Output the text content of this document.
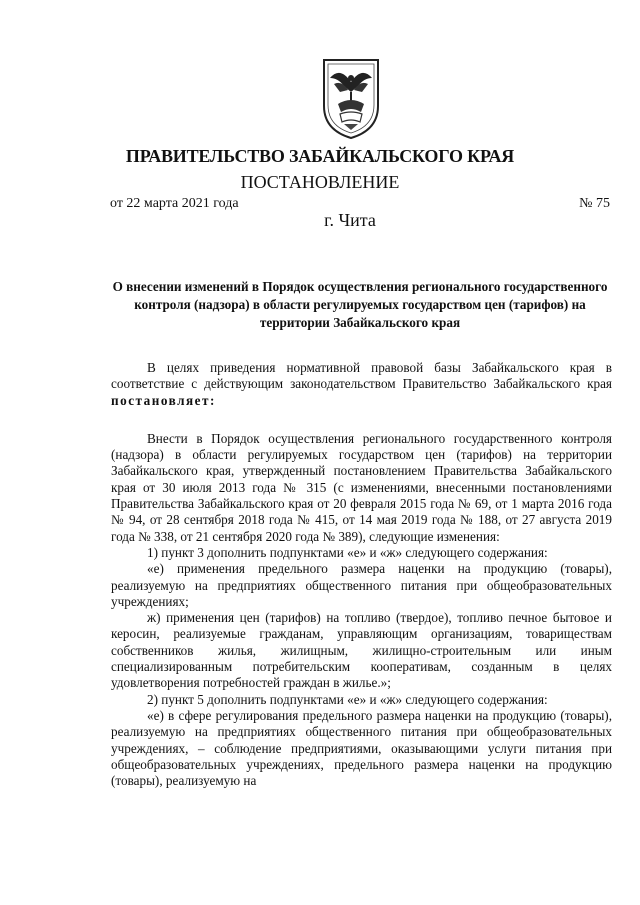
ПРАВИТЕЛЬСТВО ЗАБАЙКАЛЬСКОГО КРАЯ
ПОСТАНОВЛЕНИЕ
от 22 марта 2021 года	№ 75
г. Чита
О внесении изменений в Порядок осуществления регионального государственного контроля (надзора) в области регулируемых государством цен (тарифов) на территории Забайкальского края

В целях приведения нормативной правовой базы Забайкальского края в соответствие с действующим законодательством Правительство Забайкальского края постановляет:

Внести в Порядок осуществления регионального государственного контроля (надзора) в области регулируемых государством цен (тарифов) на территории Забайкальского края, утвержденный постановлением Правительства Забайкальского края от 30 июля 2013 года № 315 (с изменениями, внесенными постановлениями Правительства Забайкальского края от 20 февраля 2015 года № 69, от 1 марта 2016 года № 94, от 28 сентября 2018 года № 415, от 14 мая 2019 года № 188, от 27 августа 2019 года № 338, от 21 сентября 2020 года № 389), следующие изменения:

1) пункт 3 дополнить подпунктами «е» и «ж» следующего содержания:

«е) применения предельного размера наценки на продукцию (товары), реализуемую на предприятиях общественного питания при общеобразовательных учреждениях;

ж) применения цен (тарифов) на топливо (твердое), топливо печное бытовое и керосин, реализуемые гражданам, управляющим организациям, товариществам собственников жилья, жилищным, жилищно-строительным или иным специализированным потребительским кооперативам, созданным в целях удовлетворения потребностей граждан в жилье.»;

2) пункт 5 дополнить подпунктами «е» и «ж» следующего содержания:

«е) в сфере регулирования предельного размера наценки на продукцию (товары), реализуемую на предприятиях общественного питания при общеобразовательных учреждениях, – соблюдение предприятиями, оказывающими услуги питания при общеобразовательных учреждениях, предельного размера наценки на продукцию (товары), реализуемую на
